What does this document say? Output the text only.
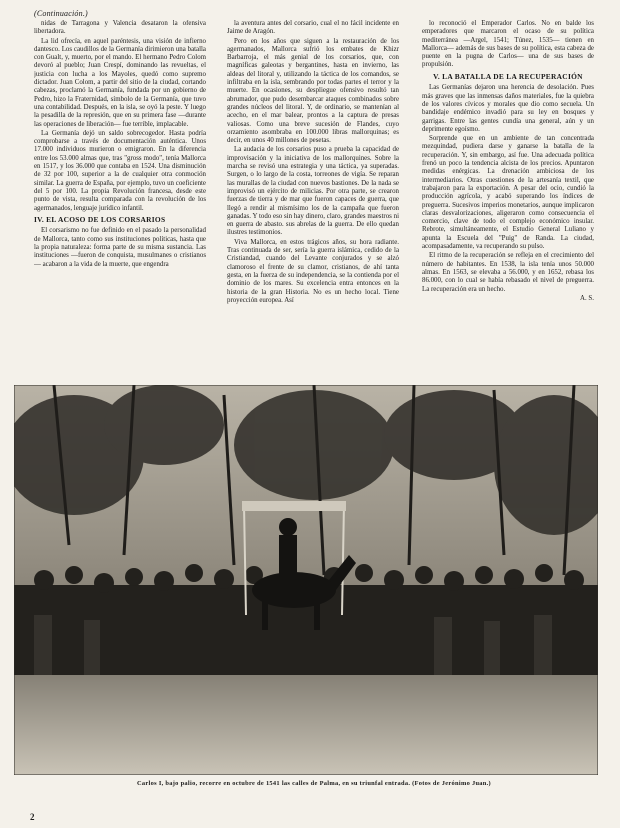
(Continuación.)

nidas de Tarragona y Valencia desataron la ofensiva libertadora.

La lid ofrecía, en aquel paréntesis, una visión de infierno dantesco. Los caudillos de la Germanía dirimieron una batalla con Gualt, y, muerto, por el mando. El hermano Pedro Colom devoró al pueblo; Juan Crespí, dominando las revueltas, el justicia con lucha a los Mayoles, quedó como supremo dictador. Juan Colom, a partir del sitio de la ciudad, cortando cabezas, proclamó la Germanía, fundada por un gobierno de Pedro, hizo la Fraternidad, símbolo de la Germanía, que tuvo una contabilidad. Después, en la isla, se oyó la peste. Y luego la pesadilla de la represión, que en su primera fase —durante las operaciones de liberación— fue terrible, implacable.

La Germanía dejó un saldo sobrecogedor. Hasta podría comprobarse a través de documentación auténtica. Unos 17.000 individuos murieron o emigraron. En la diferencia entre los 53.000 almas que, tras "gross modo", tenía Mallorca en 1517, y los 36.000 que contaba en 1524. Una disminución de 32 por 100, superior a la de cualquier otra conmoción similar. La guerra de España, por ejemplo, tuvo un coeficiente del 5 por 100. La propia Revolución francesa, desde este punto de vista, resulta comparada con la revolución de los agermanados, lenguaje jurídico infantil.

IV. EL ACOSO DE LOS CORSARIOS

El corsarismo no fue definido en el pasado la personalidad de Mallorca, tanto como sus instituciones políticas, hasta que la propia naturaleza: forma parte de su misma sustancia. Las instituciones —fueron de conquista, musulmanes o cristianos— acabaron a la vida de la muerte, que engendra

la aventura antes del corsario, cual el no fácil incidente en Jaime de Aragón.

Pero en los años que siguen a la restauración de los agermanados, Mallorca sufrió los embates de Khizr Barbarroja, el más genial de los corsarios, que, con magníficas galeotas y bergantines, hasta en invierno, las aldeas del litoral y, utilizando la táctica de los comandos, se infiltraba en la isla, sembrando por todas partes el terror y la muerte. En ocasiones, su despliegue ofensivo resultó tan abrumador, que pudo desembarcar ataques combinados sobre grandes núcleos del litoral. Y, de ordinario, se mantenían al acecho, en el mar balear, prontos a la captura de presas valiosas. Como una breve sucesión de Flandes, cuyo orzamiento asombraba en 100.000 libras mallorquinas; es decir, en unos 40 millones de pesetas.

La audacia de los corsarios puso a prueba la capacidad de improvisación y la iniciativa de los mallorquines. Sobre la marcha se revisó una estrategia y una táctica, ya superadas. Surgen, o lo largo de la costa, torreones de vigía. Se reparan las murallas de la ciudad con nuevos bastiones. De la nada se improvisó un ejército de milicias. Por otra parte, se crearon fuerzas de tierra y de mar que fueron capaces de guerra, que llegó a rendir al mismísimo los de la campaña que fueron ganadas. Y todo eso sin hay dinero, claro, grandes maestros ni en guerra de abasto. sus abrelas de la guerra. De ello quedan ilustres testimonios.

Viva Mallorca, en estos trágicos años, su hora radiante. Tras continuada de ser, sería la guerra islámica, cedido de la Cristiandad, cuando del Levante conjurados y se alzó clamoroso el frente de su clamor, cristianos, de ahí tanta gesta, en la fuerza de su independencia, se la contienda por el dominio de los mares. Su excelencia entra entonces en la historia de la gran Historia. No es un hecho local. Tiene proyección europea. Así

lo reconoció el Emperador Carlos. No en balde los emperadores que marcaron el ocaso de su política mediterránea —Argel, 1541; Túnez, 1535— tienen en Mallorca— además de sus bases de su política, esta cabeza de puente en la pugna de Carlos— una de sus bases de propulsión.

V. LA BATALLA DE LA RECUPERACIÓN

Las Germanías dejaron una herencia de desolación. Pues más graves que las inmensas daños materiales, fue la quiebra de los valores cívicos y morales que dio como secuela. Un bandidaje endémico invadió para su ley en bosques y garrigas. Entre las gentes cundía una general, aún y un deprimente egoísmo.

Sorprende que en un ambiente de tan concentrada mezquindad, pudiera darse y ganarse la batalla de la recuperación. Y, sin embargo, así fue. Una adecuada política frenó un poco la tendencia alcista de los precios. Apuntaron medidas enérgicas. La drenación ambiciosa de los intermediarios. Otras cuestiones de la artesanía textil, que trabajaron para la exportación. A pesar del ocio, cundió la producción agrícola, y acabó superando los índices de preguerra. Sucesivos imperios monetarios, aunque implicaron claras desvalorizaciones, aligeraron como consecuencia el comercio, clave de todo el complejo económico insular. Rebrote, simultáneamente, el Estudio General Luliano y apunta la Escuela del "Puig" de Randa. La ciudad, acompasadamente, va recuperando su pulso.

El ritmo de la recuperación se refleja en el crecimiento del número de habitantes. En 1538, la isla tenía unos 50.000 almas. En 1563, se elevaba a 56.000, y en 1652, rebasa los 86.000, con lo cual se había rebasado el nivel de preguerra. La recuperación era un hecho.

A. S.
Carlos I, bajo palio, recorre en octubre de 1541 las calles de Palma, en su triunfal entrada. (Fotos de Jerónimo Juan.)
2
